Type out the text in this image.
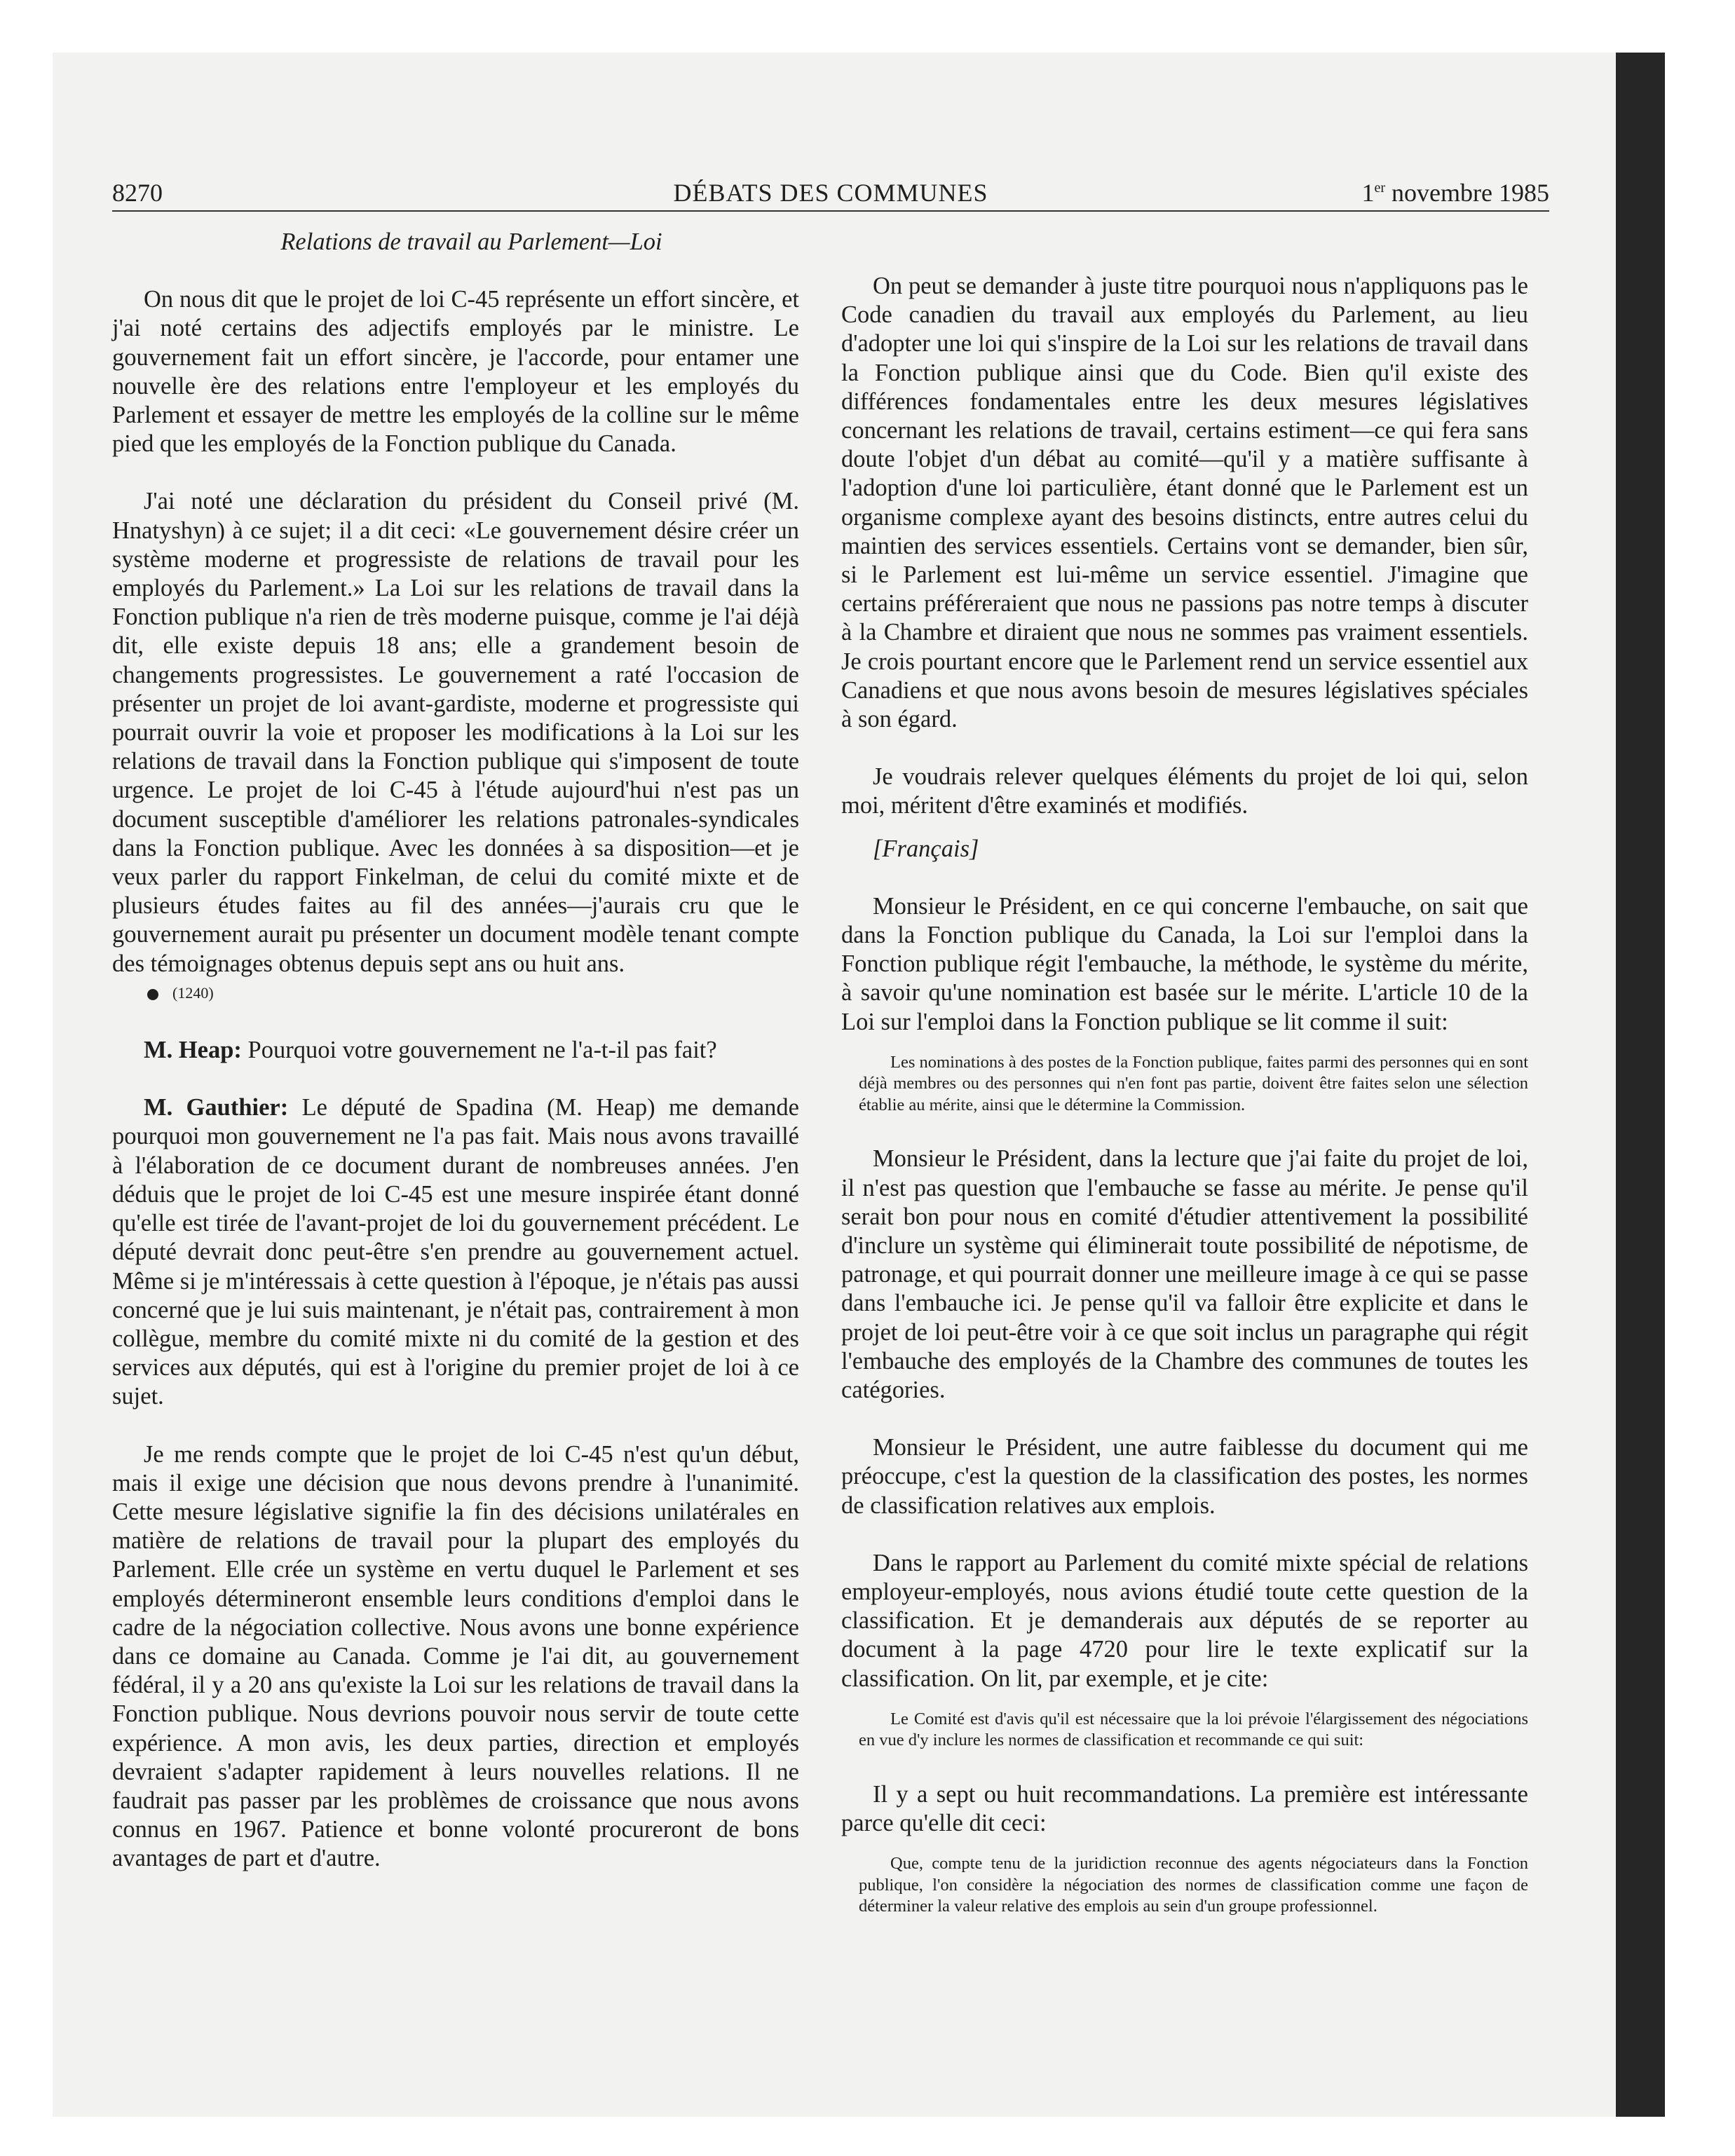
8270	DÉBATS DES COMMUNES	1er novembre 1985

Relations de travail au Parlement—Loi

On nous dit que le projet de loi C-45 représente un effort sincère, et j'ai noté certains des adjectifs employés par le ministre. Le gouvernement fait un effort sincère, je l'accorde, pour entamer une nouvelle ère des relations entre l'employeur et les employés du Parlement et essayer de mettre les employés de la colline sur le même pied que les employés de la Fonction publique du Canada.

J'ai noté une déclaration du président du Conseil privé (M. Hnatyshyn) à ce sujet; il a dit ceci: «Le gouvernement désire créer un système moderne et progressiste de relations de travail pour les employés du Parlement.» La Loi sur les relations de travail dans la Fonction publique n'a rien de très moderne puisque, comme je l'ai déjà dit, elle existe depuis 18 ans; elle a grandement besoin de changements progressistes. Le gouvernement a raté l'occasion de présenter un projet de loi avant-gardiste, moderne et progressiste qui pourrait ouvrir la voie et proposer les modifications à la Loi sur les relations de travail dans la Fonction publique qui s'imposent de toute urgence. Le projet de loi C-45 à l'étude aujourd'hui n'est pas un document susceptible d'améliorer les relations patronales-syndicales dans la Fonction publique. Avec les données à sa disposition—et je veux parler du rapport Finkelman, de celui du comité mixte et de plusieurs études faites au fil des années—j'aurais cru que le gouvernement aurait pu présenter un document modèle tenant compte des témoignages obtenus depuis sept ans ou huit ans.

(1240)

M. Heap: Pourquoi votre gouvernement ne l'a-t-il pas fait?

M. Gauthier: Le député de Spadina (M. Heap) me demande pourquoi mon gouvernement ne l'a pas fait. Mais nous avons travaillé à l'élaboration de ce document durant de nombreuses années. J'en déduis que le projet de loi C-45 est une mesure inspirée étant donné qu'elle est tirée de l'avant-projet de loi du gouvernement précédent. Le député devrait donc peut-être s'en prendre au gouvernement actuel. Même si je m'intéressais à cette question à l'époque, je n'étais pas aussi concerné que je lui suis maintenant, je n'était pas, contrairement à mon collègue, membre du comité mixte ni du comité de la gestion et des services aux députés, qui est à l'origine du premier projet de loi à ce sujet.

Je me rends compte que le projet de loi C-45 n'est qu'un début, mais il exige une décision que nous devons prendre à l'unanimité. Cette mesure législative signifie la fin des décisions unilatérales en matière de relations de travail pour la plupart des employés du Parlement. Elle crée un système en vertu duquel le Parlement et ses employés détermineront ensemble leurs conditions d'emploi dans le cadre de la négociation collective. Nous avons une bonne expérience dans ce domaine au Canada. Comme je l'ai dit, au gouvernement fédéral, il y a 20 ans qu'existe la Loi sur les relations de travail dans la Fonction publique. Nous devrions pouvoir nous servir de toute cette expérience. A mon avis, les deux parties, direction et employés devraient s'adapter rapidement à leurs nouvelles relations. Il ne faudrait pas passer par les problèmes de croissance que nous avons connus en 1967. Patience et bonne volonté procureront de bons avantages de part et d'autre.

On peut se demander à juste titre pourquoi nous n'appliquons pas le Code canadien du travail aux employés du Parlement, au lieu d'adopter une loi qui s'inspire de la Loi sur les relations de travail dans la Fonction publique ainsi que du Code. Bien qu'il existe des différences fondamentales entre les deux mesures législatives concernant les relations de travail, certains estiment—ce qui fera sans doute l'objet d'un débat au comité—qu'il y a matière suffisante à l'adoption d'une loi particulière, étant donné que le Parlement est un organisme complexe ayant des besoins distincts, entre autres celui du maintien des services essentiels. Certains vont se demander, bien sûr, si le Parlement est lui-même un service essentiel. J'imagine que certains préféreraient que nous ne passions pas notre temps à discuter à la Chambre et diraient que nous ne sommes pas vraiment essentiels. Je crois pourtant encore que le Parlement rend un service essentiel aux Canadiens et que nous avons besoin de mesures législatives spéciales à son égard.

Je voudrais relever quelques éléments du projet de loi qui, selon moi, méritent d'être examinés et modifiés.

[Français]

Monsieur le Président, en ce qui concerne l'embauche, on sait que dans la Fonction publique du Canada, la Loi sur l'emploi dans la Fonction publique régit l'embauche, la méthode, le système du mérite, à savoir qu'une nomination est basée sur le mérite. L'article 10 de la Loi sur l'emploi dans la Fonction publique se lit comme il suit:

Les nominations à des postes de la Fonction publique, faites parmi des personnes qui en sont déjà membres ou des personnes qui n'en font pas partie, doivent être faites selon une sélection établie au mérite, ainsi que le détermine la Commission.

Monsieur le Président, dans la lecture que j'ai faite du projet de loi, il n'est pas question que l'embauche se fasse au mérite. Je pense qu'il serait bon pour nous en comité d'étudier attentivement la possibilité d'inclure un système qui éliminerait toute possibilité de népotisme, de patronage, et qui pourrait donner une meilleure image à ce qui se passe dans l'embauche ici. Je pense qu'il va falloir être explicite et dans le projet de loi peut-être voir à ce que soit inclus un paragraphe qui régit l'embauche des employés de la Chambre des communes de toutes les catégories.

Monsieur le Président, une autre faiblesse du document qui me préoccupe, c'est la question de la classification des postes, les normes de classification relatives aux emplois.

Dans le rapport au Parlement du comité mixte spécial de relations employeur-employés, nous avions étudié toute cette question de la classification. Et je demanderais aux députés de se reporter au document à la page 4720 pour lire le texte explicatif sur la classification. On lit, par exemple, et je cite:

Le Comité est d'avis qu'il est nécessaire que la loi prévoie l'élargissement des négociations en vue d'y inclure les normes de classification et recommande ce qui suit:

Il y a sept ou huit recommandations. La première est intéressante parce qu'elle dit ceci:

Que, compte tenu de la juridiction reconnue des agents négociateurs dans la Fonction publique, l'on considère la négociation des normes de classification comme une façon de déterminer la valeur relative des emplois au sein d'un groupe professionnel.
